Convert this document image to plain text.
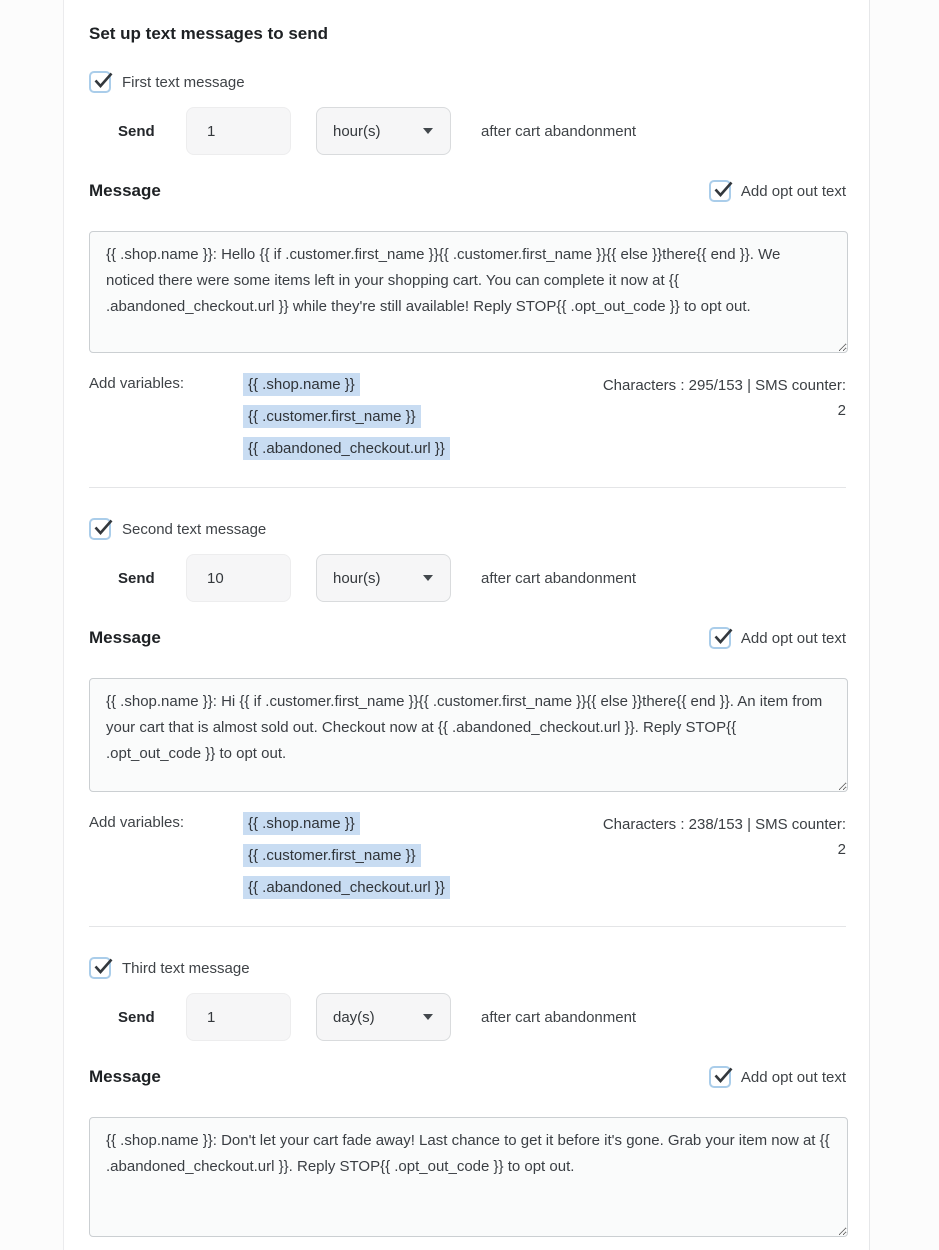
Set up text messages to send
First text message
Send
1	hour(s)	after cart abandonment
Message	Add opt out text
{{ .shop.name }}: Hello {{ if .customer.first_name }}{{ .customer.first_name }}{{ else }}there{{ end }}. We noticed there were some items left in your shopping cart. You can complete it now at {{ .abandoned_checkout.url }} while they're still available! Reply STOP{{ .opt_out_code }} to opt out.
Add variables:	{{ .shop.name }}
{{ .customer.first_name }}
{{ .abandoned_checkout.url }}
Characters : 295/153 | SMS counter:
2
Second text message
Send
10	hour(s)	after cart abandonment
Message	Add opt out text
{{ .shop.name }}: Hi {{ if .customer.first_name }}{{ .customer.first_name }}{{ else }}there{{ end }}. An item from your cart that is almost sold out. Checkout now at {{ .abandoned_checkout.url }}. Reply STOP{{ .opt_out_code }} to opt out.
Add variables:	{{ .shop.name }}
{{ .customer.first_name }}
{{ .abandoned_checkout.url }}
Characters : 238/153 | SMS counter:
2
Third text message
Send
1	day(s)	after cart abandonment
Message	Add opt out text
{{ .shop.name }}: Don't let your cart fade away! Last chance to get it before it's gone. Grab your item now at {{ .abandoned_checkout.url }}. Reply STOP{{ .opt_out_code }} to opt out.
